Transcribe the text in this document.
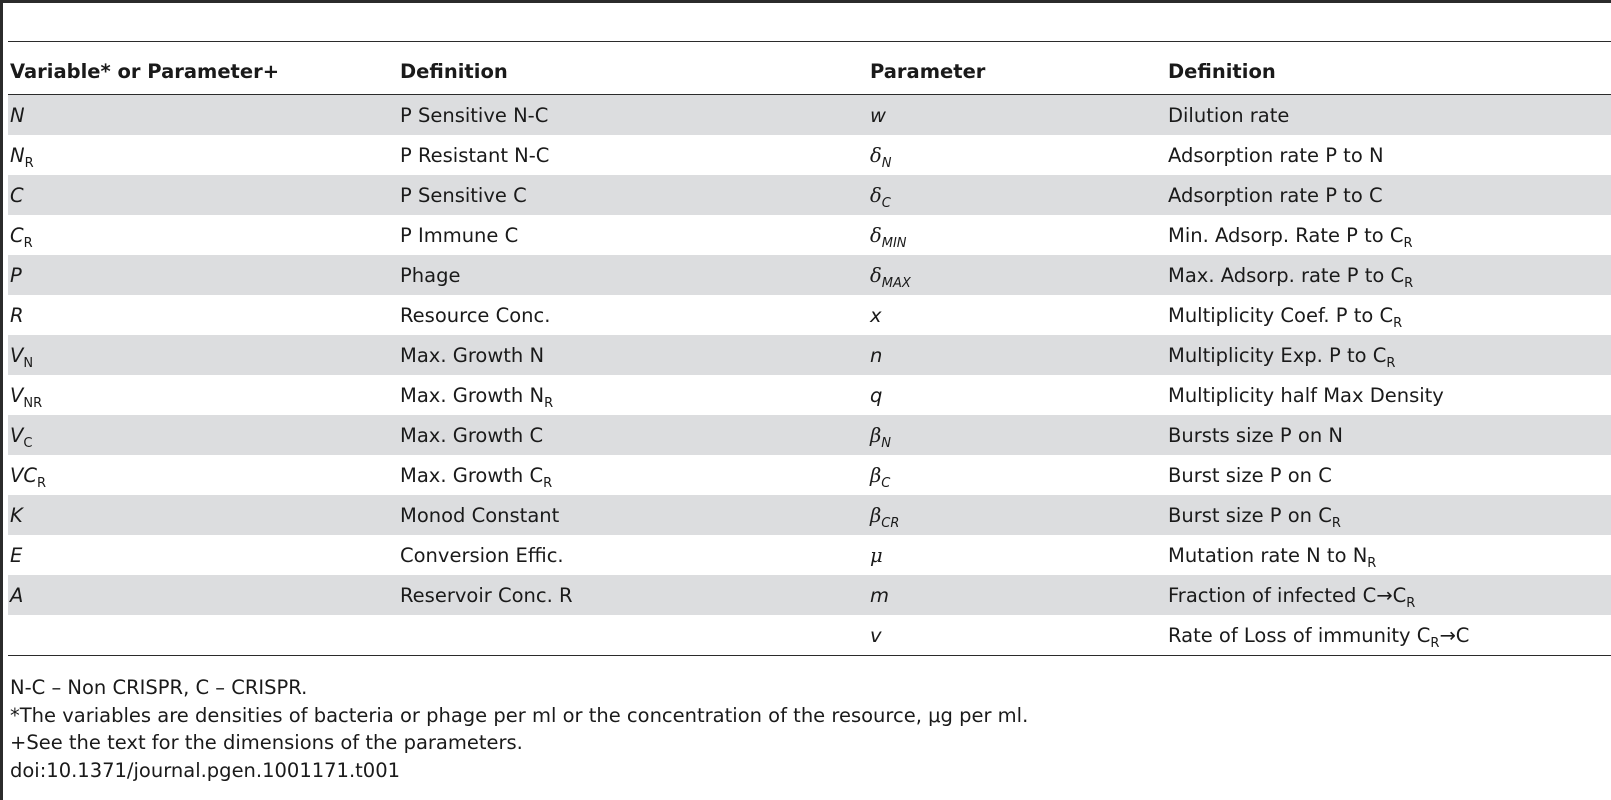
Variable* or Parameter+	Definition	Parameter	Definition
N	P Sensitive N-C	w	Dilution rate
$N_R$	P Resistant N-C	$\delta_N$	Adsorption rate P to N
C	P Sensitive C	$\delta_C$	Adsorption rate P to C
$C_R$	P Immune C	$\delta_{MIN}$	Min. Adsorp. Rate P to $C_R$
P	Phage	$\delta_{MAX}$	Max. Adsorp. rate P to $C_R$
R	Resource Conc.	x	Multiplicity Coef. P to $C_R$
$V_N$	Max. Growth N	n	Multiplicity Exp. P to $C_R$
$V_{NR}$	Max. Growth $N_R$	q	Multiplicity half Max Density
$V_C$	Max. Growth C	$\beta_N$	Bursts size P on N
$VC_R$	Max. Growth $C_R$	$\beta_C$	Burst size P on C
K	Monod Constant	$\beta_{CR}$	Burst size P on $C_R$
E	Conversion Effic.	μ	Mutation rate N to $N_R$
A	Reservoir Conc. R	m	Fraction of infected $C\to C_R$
		v	Rate of Loss of immunity $C_R\to C$
N-C – Non CRISPR, C – CRISPR.
*The variables are densities of bacteria or phage per ml or the concentration of the resource, μg per ml.
+See the text for the dimensions of the parameters.
doi:10.1371/journal.pgen.1001171.t001
